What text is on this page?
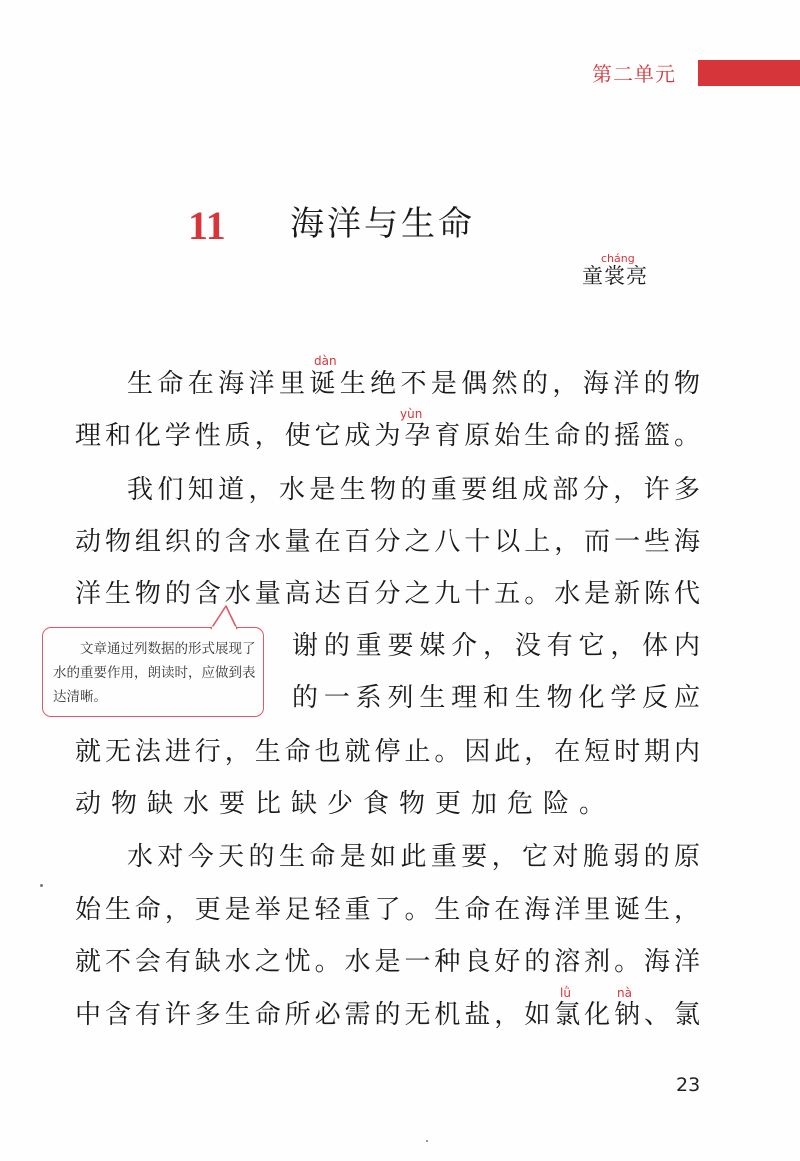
第二单元
11 海洋与生命
cháng
童裳亮
生命在海洋里诞生绝不是偶然的，海洋的物
理和化学性质，使它成为孕育原始生命的摇篮。
我们知道，水是生物的重要组成部分，许多
动物组织的含水量在百分之八十以上，而一些海
洋生物的含水量高达百分之九十五。水是新陈代
谢的重要媒介，没有它，体内
的一系列生理和生物化学反应
就无法进行，生命也就停止。因此，在短时期内
动物缺水要比缺少食物更加危险。
水对今天的生命是如此重要，它对脆弱的原
始生命，更是举足轻重了。生命在海洋里诞生，
就不会有缺水之忧。水是一种良好的溶剂。海洋
中含有许多生命所必需的无机盐，如氯化钠、氯
dàn
yùn
lǜ	nà

文章通过列数据的形式展现了水的重要作用，朗读时，应做到表达清晰。

23
